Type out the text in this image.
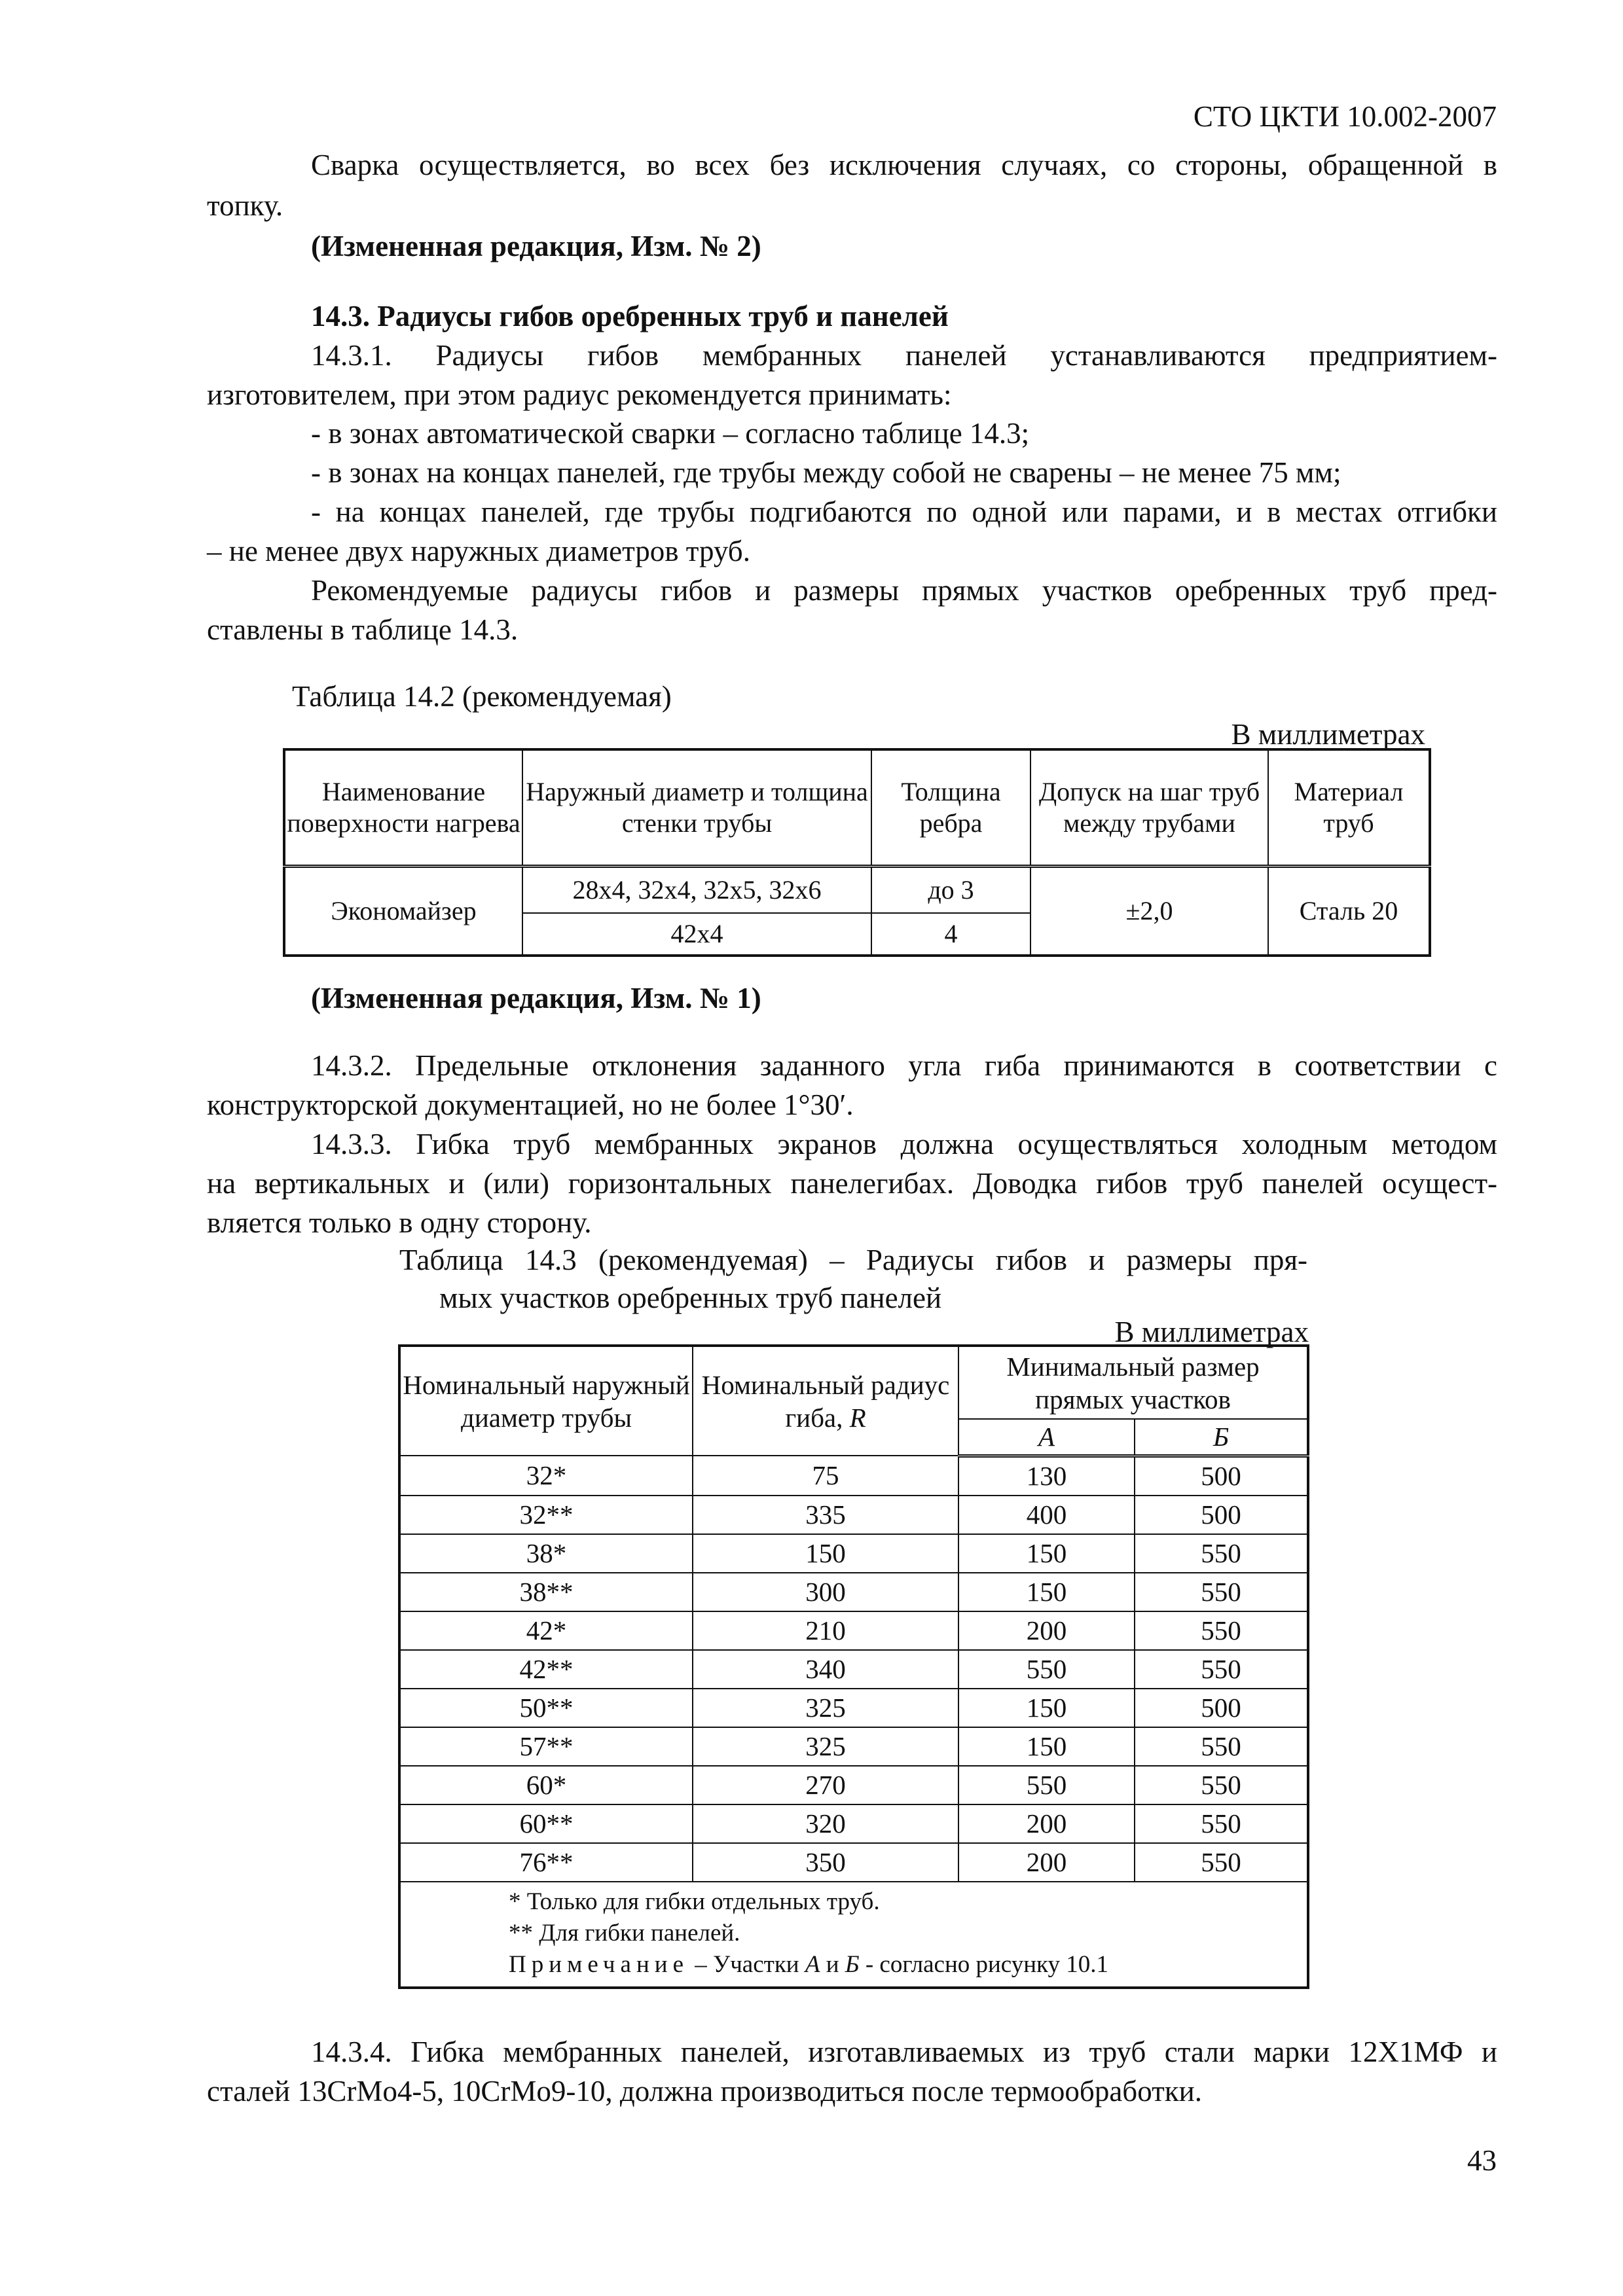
СТО ЦКТИ 10.002-2007
Сварка осуществляется, во всех без исключения случаях, со стороны, обращенной в
топку.
(Измененная редакция, Изм. № 2)
14.3. Радиусы гибов оребренных труб и панелей
14.3.1. Радиусы гибов мембранных панелей устанавливаются предприятием-
изготовителем, при этом радиус рекомендуется принимать:
- в зонах автоматической сварки – согласно таблице 14.3;
- в зонах на концах панелей, где трубы между собой не сварены – не менее 75 мм;
- на концах панелей, где трубы подгибаются по одной или парами, и в местах отгибки
– не менее двух наружных диаметров труб.
Рекомендуемые радиусы гибов и размеры прямых участков оребренных труб пред-
ставлены в таблице 14.3.
Таблица 14.2 (рекомендуемая)
В миллиметрах
Наименование поверхности нагрева	Наружный диаметр и толщина стенки трубы	Толщина ребра	Допуск на шаг труб между трубами	Материал труб
Экономайзер	28х4, 32х4, 32х5, 32х6	до 3	±2,0	Сталь 20
	42х4	4		
(Измененная редакция, Изм. № 1)
14.3.2. Предельные отклонения заданного угла гиба принимаются в соответствии с
конструкторской документацией, но не более 1°30′.
14.3.3. Гибка труб мембранных экранов должна осуществляться холодным методом
на вертикальных и (или) горизонтальных панелегибах. Доводка гибов труб панелей осущест-
вляется только в одну сторону.
Таблица 14.3 (рекомендуемая) – Радиусы гибов и размеры пря-
мых участков оребренных труб панелей
В миллиметрах
Номинальный наружный диаметр трубы	Номинальный радиус гиба, R	Минимальный размер прямых участков	
		А	Б
32*	75	130	500
32**	335	400	500
38*	150	150	550
38**	300	150	550
42*	210	200	550
42**	340	550	550
50**	325	150	500
57**	325	150	550
60*	270	550	550
60**	320	200	550
76**	350	200	550

* Только для гибки отдельных труб.
** Для гибки панелей.
Примечание – Участки А и Б - согласно рисунку 10.1			
14.3.4. Гибка мембранных панелей, изготавливаемых из труб стали марки 12Х1МФ и
сталей 13CrMo4-5, 10CrMo9-10, должна производиться после термообработки.
43
